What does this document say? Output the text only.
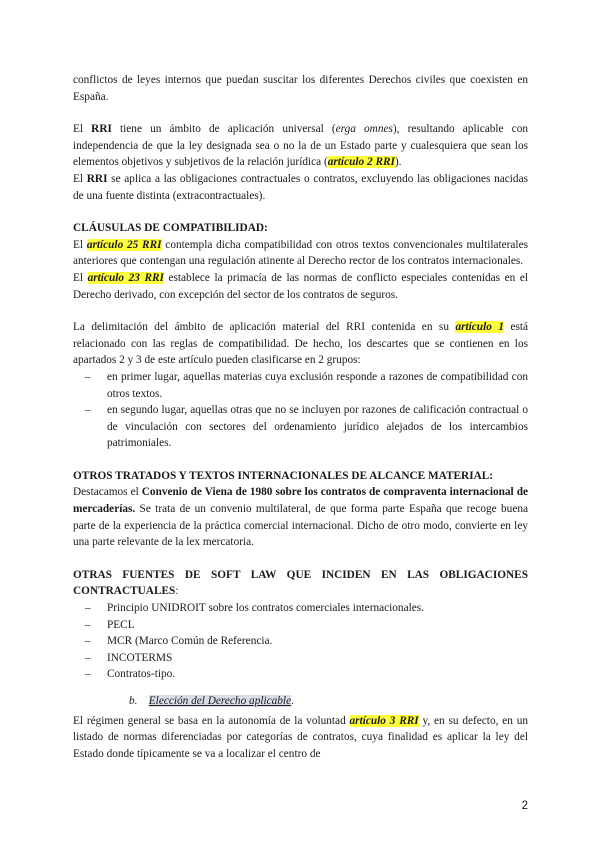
conflictos de leyes internos que puedan suscitar los diferentes Derechos civiles que coexisten en España.

El RRI tiene un ámbito de aplicación universal (erga omnes), resultando aplicable con independencia de que la ley designada sea o no la de un Estado parte y cualesquiera que sean los elementos objetivos y subjetivos de la relación jurídica (artículo 2 RRI).

El RRI se aplica a las obligaciones contractuales o contratos, excluyendo las obligaciones nacidas de una fuente distinta (extracontractuales).

CLÁUSULAS DE COMPATIBILIDAD:

El artículo 25 RRI contempla dicha compatibilidad con otros textos convencionales multilaterales anteriores que contengan una regulación atinente al Derecho rector de los contratos internacionales.

El artículo 23 RRI establece la primacía de las normas de conflicto especiales contenidas en el Derecho derivado, con excepción del sector de los contratos de seguros.

La delimitación del ámbito de aplicación material del RRI contenida en su artículo 1 está relacionado con las reglas de compatibilidad. De hecho, los descartes que se contienen en los apartados 2 y 3 de este artículo pueden clasificarse en 2 grupos:

– en primer lugar, aquellas materias cuya exclusión responde a razones de compatibilidad con otros textos.
– en segundo lugar, aquellas otras que no se incluyen por razones de calificación contractual o de vinculación con sectores del ordenamiento jurídico alejados de los intercambios patrimoniales.

OTROS TRATADOS Y TEXTOS INTERNACIONALES DE ALCANCE MATERIAL:

Destacamos el Convenio de Viena de 1980 sobre los contratos de compraventa internacional de mercaderías. Se trata de un convenio multilateral, de que forma parte España que recoge buena parte de la experiencia de la práctica comercial internacional. Dicho de otro modo, convierte en ley una parte relevante de la lex mercatoria.

OTRAS FUENTES DE SOFT LAW QUE INCIDEN EN LAS OBLIGACIONES CONTRACTUALES:

– Principio UNIDROIT sobre los contratos comerciales internacionales.
– PECL
– MCR (Marco Común de Referencia.
– INCOTERMS
– Contratos-tipo.

b. Elección del Derecho aplicable.

El régimen general se basa en la autonomía de la voluntad artículo 3 RRI y, en su defecto, en un listado de normas diferenciadas por categorías de contratos, cuya finalidad es aplicar la ley del Estado donde típicamente se va a localizar el centro de

2
